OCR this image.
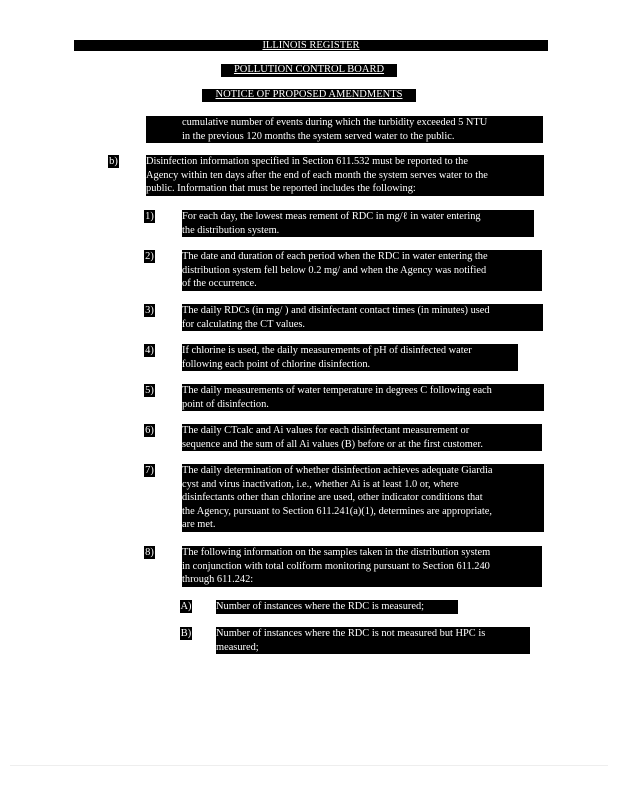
ILLINOIS REGISTER
POLLUTION CONTROL BOARD
NOTICE OF PROPOSED AMENDMENTS
cumulative number of events during which the turbidity exceeded 5 NTU
in the previous 120 months the system served water to the public.
b)	Disinfection information specified in Section 611.532 must be reported to the
Agency within ten days after the end of each month the system serves water to the
public. Information that must be reported includes the following:
1)	For each day, the lowest meas rement of RDC in mg/ℓ in water entering
the distribution system.
2)	The date and duration of each period when the RDC in water entering the
distribution system fell below 0.2 mg/ and when the Agency was notified
of the occurrence.
3)	The daily RDCs (in mg/ ) and disinfectant contact times (in minutes) used
for calculating the CT values.
4)	If chlorine is used, the daily measurements of pH of disinfected water
following each point of chlorine disinfection.
5)	The daily measurements of water temperature in degrees C following each
point of disinfection.
6)	The daily CTcalc and Ai values for each disinfectant measurement or
sequence and the sum of all Ai values (B) before or at the first customer.
7)	The daily determination of whether disinfection achieves adequate Giardia
cyst and virus inactivation, i.e., whether Ai is at least 1.0 or, where
disinfectants other than chlorine are used, other indicator conditions that
the Agency, pursuant to Section 611.241(a)(1), determines are appropriate,
are met.
8)	The following information on the samples taken in the distribution system
in conjunction with total coliform monitoring pursuant to Section 611.240
through 611.242:
A) Number of instances where the RDC is measured;
B) Number of instances where the RDC is not measured but HPC is
measured;
